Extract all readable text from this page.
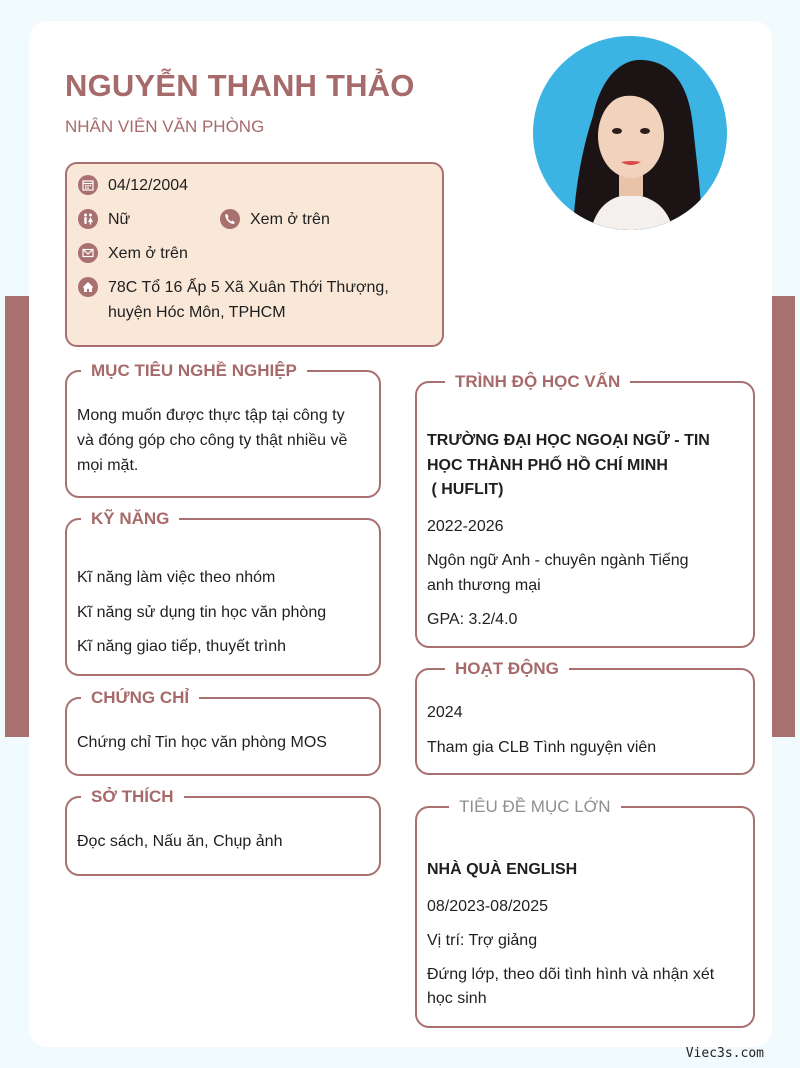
NGUYỄN THANH THẢO
NHÂN VIÊN VĂN PHÒNG
04/12/2004
Nữ	Xem ở trên
Xem ở trên
78C Tổ 16 Ấp 5 Xã Xuân Thới Thượng,
huyện Hóc Môn, TPHCM
MỤC TIÊU NGHỀ NGHIỆP
Mong muốn được thực tập tại công ty
và đóng góp cho công ty thật nhiều về
mọi mặt.
KỸ NĂNG
Kĩ năng làm việc theo nhóm
Kĩ năng sử dụng tin học văn phòng
Kĩ năng giao tiếp, thuyết trình
CHỨNG CHỈ
Chứng chỉ Tin học văn phòng MOS
SỞ THÍCH
Đọc sách, Nấu ăn, Chụp ảnh
TRÌNH ĐỘ HỌC VẤN
TRƯỜNG ĐẠI HỌC NGOẠI NGỮ - TIN
HỌC THÀNH PHỐ HỒ CHÍ MINH
( HUFLIT)
2022-2026
Ngôn ngữ Anh - chuyên ngành Tiếng
anh thương mại
GPA: 3.2/4.0
HOẠT ĐỘNG
2024
Tham gia CLB Tình nguyện viên
TIÊU ĐỀ MỤC LỚN
NHÀ QUÀ ENGLISH
08/2023-08/2025
Vị trí: Trợ giảng
Đứng lớp, theo dõi tình hình và nhận xét
học sinh
Viec3s.com
